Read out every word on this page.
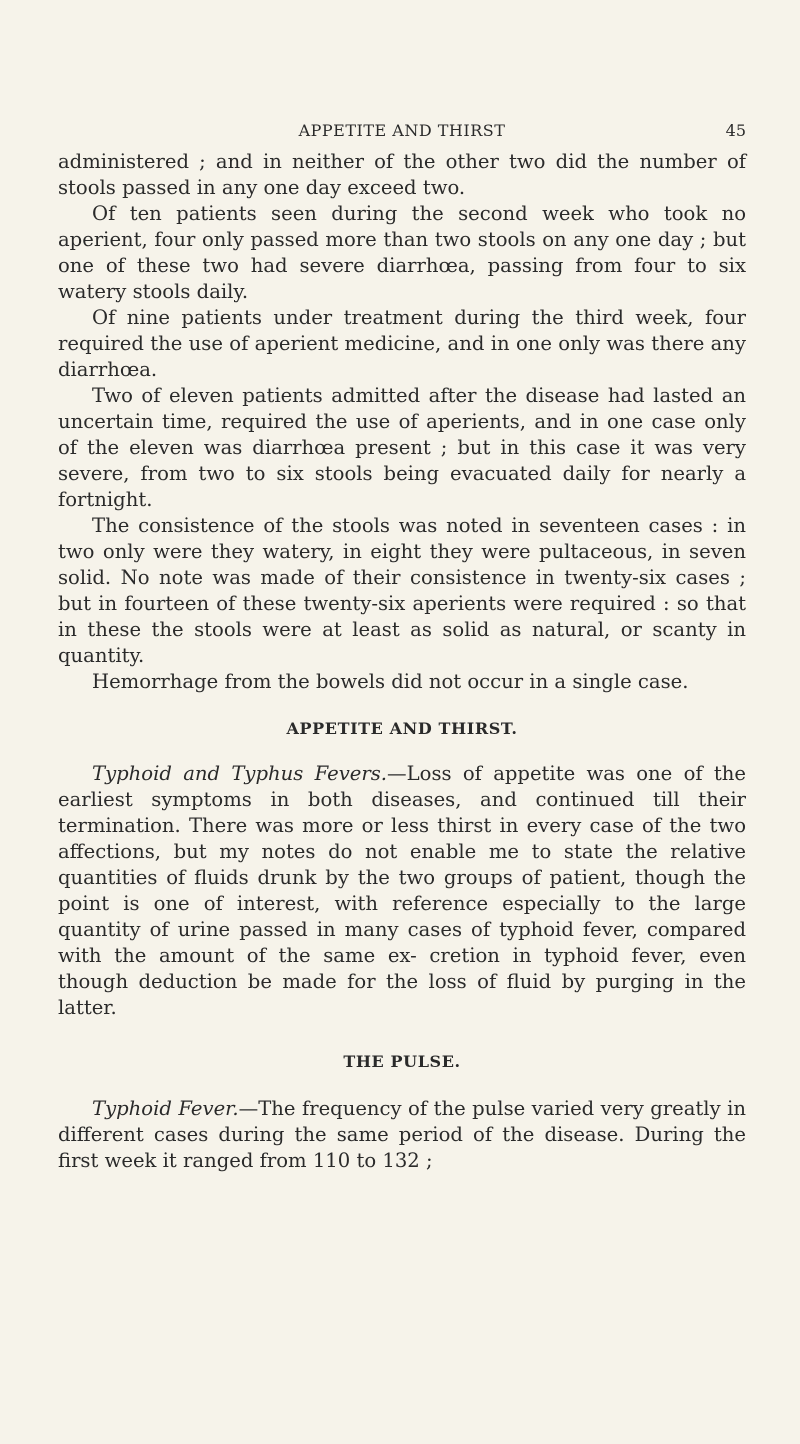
APPETITE AND THIRST	45

administered ; and in neither of the other two did the number of stools passed in any one day exceed two.

Of ten patients seen during the second week who took no aperient, four only passed more than two stools on any one day ; but one of these two had severe diarrhœa, passing from four to six watery stools daily.

Of nine patients under treatment during the third week, four required the use of aperient medicine, and in one only was there any diarrhœa.

Two of eleven patients admitted after the disease had lasted an uncertain time, required the use of aperients, and in one case only of the eleven was diarrhœa present ; but in this case it was very severe, from two to six stools being evacuated daily for nearly a fortnight.

The consistence of the stools was noted in seventeen cases : in two only were they watery, in eight they were pultaceous, in seven solid. No note was made of their consistence in twenty-six cases ; but in fourteen of these twenty-six aperients were required : so that in these the stools were at least as solid as natural, or scanty in quantity.

Hemorrhage from the bowels did not occur in a single case.

APPETITE AND THIRST.

Typhoid and Typhus Fevers.—Loss of appetite was one of the earliest symptoms in both diseases, and continued till their termination. There was more or less thirst in every case of the two affections, but my notes do not enable me to state the relative quantities of fluids drunk by the two groups of patient, though the point is one of interest, with reference especially to the large quantity of urine passed in many cases of typhoid fever, compared with the amount of the same ex- cretion in typhoid fever, even though deduction be made for the loss of fluid by purging in the latter.

THE PULSE.

Typhoid Fever.—The frequency of the pulse varied very greatly in different cases during the same period of the disease. During the first week it ranged from 110 to 132 ;
